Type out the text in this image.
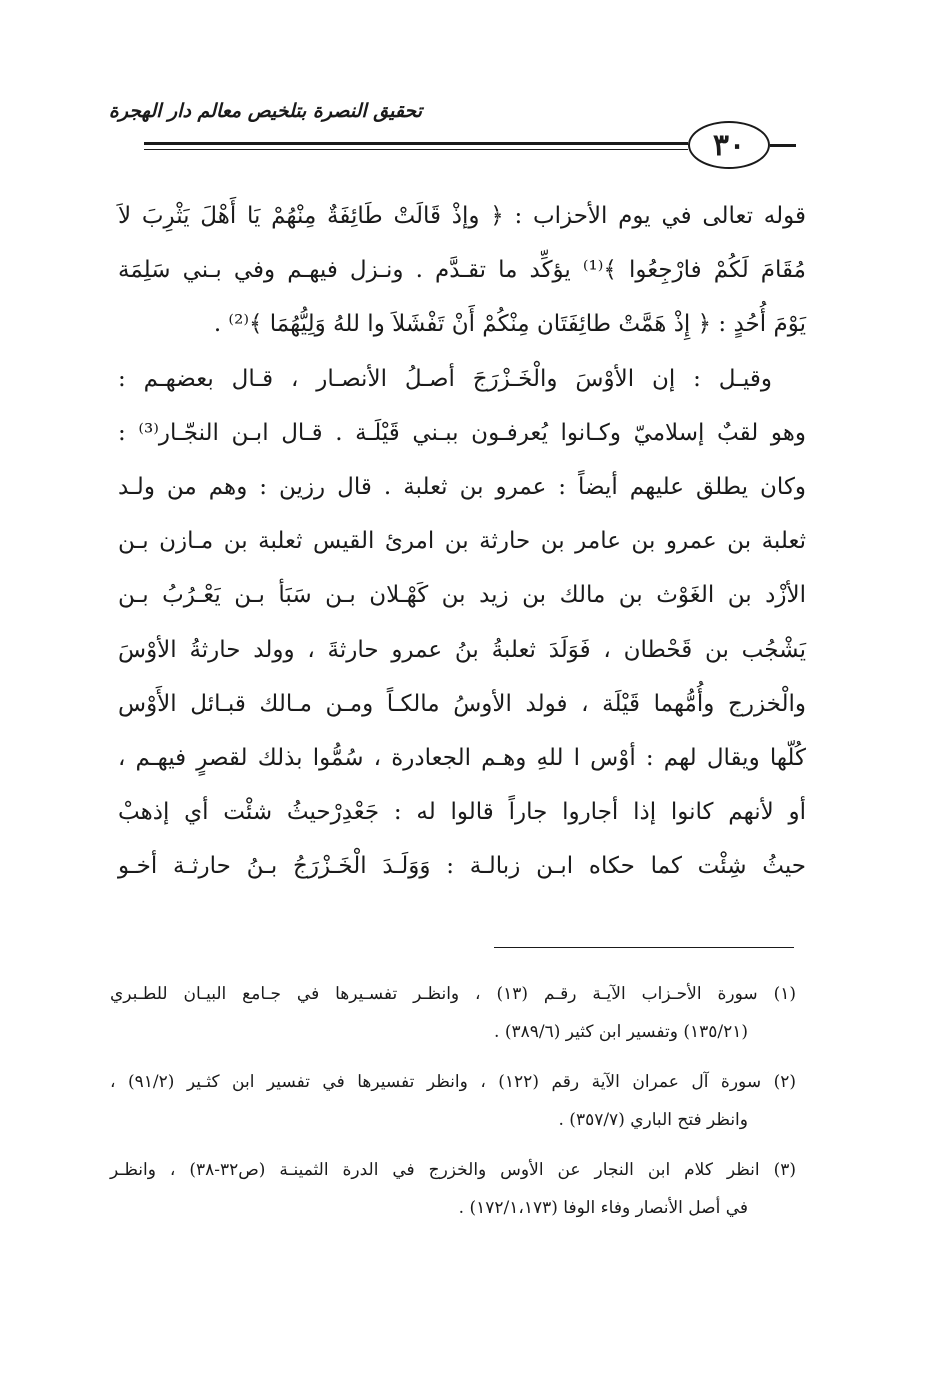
تحقيق النصرة بتلخيص معالم دار الهجرة
٣٠
قوله تعالى في يوم الأحزاب : ﴿ وإذْ قَالَتْ طَائِفَةٌ مِنْهُمْ يَا أَهْلَ يَثْرِبَ لاَ
مُقَامَ لَكُمْ فارْجِعُوا ﴾⁽¹⁾ يؤكِّد ما تقـدَّم . ونـزل فيهـم وفي بـني سَلِمَة
يَوْمَ أُحُدٍ : ﴿ إِذْ هَمَّتْ طائِفَتَان مِنْكُمْ أَنْ تَفْشَلاَ وا للهُ وَلِيُّهُمَا ﴾⁽²⁾ .
وقيـل : إن الأوْسَ والْخَـزْرَجَ أصـلُ الأنصـار ، قـال بعضهـم :
وهو لقبٌ إسلاميّ وكـانوا يُعرفـون ببـني قَيْلَـة . قـال ابـن النجّـار⁽³⁾ :
وكان يطلق عليهم أيضاً : عمرو بن ثعلبة . قال رزين : وهم من ولـد
ثعلبة بن عمرو بن عامر بن حارثة بن امرئ القيس ثعلبة بن مـازن بـن
الأزْد بن الغَوْث بن مالك بن زيد بن كَهْـلان بـن سَبَأ بـن يَعْـرُبُ بـن
يَشْجُب بن قَحْطان ، فَوَلَدَ ثعلبةُ بنُ عمرو حارثةَ ، وولد حارثةُ الأوْسَ
والْخزرج وأُمُّهما قَيْلَة ، فولد الأوسُ مالكـاً ومـن مـالك قبـائل الأَوْس
كُلّها ويقال لهم : أوْس ا للهِ وهـم الجعادرة ، سُمُّوا بذلك لقصرٍ فيهـم ،
أو لأنهم كانوا إذا أجاروا جاراً قالوا له : جَعْدِرْحيثُ شئْت أي إذهبْ
حيثُ شِئْت كما حكاه ابـن زبالـة : وَوَلَـدَ الْخَـزْرَجُ بـنُ حارثـة أخـو
(١) سورة الأحـزاب الآيـة رقـم (١٣) ، وانظـر تفسـيرها في جـامع البيـان للطـبري
(١٣٥/٢١) وتفسير ابن كثير (٣٨٩/٦) .
(٢) سورة آل عمران الآية رقم (١٢٢) ، وانظر تفسيرها في تفسير ابن كثـير (٩١/٢) ،
وانظر فتح الباري (٣٥٧/٧) .
(٣) انظر كلام ابن النجار عن الأوس والخزرج في الدرة الثمينـة (ص٣٢-٣٨) ، وانظـر
في أصل الأنصار وفاء الوفا (١٧٢/١،١٧٣) .
